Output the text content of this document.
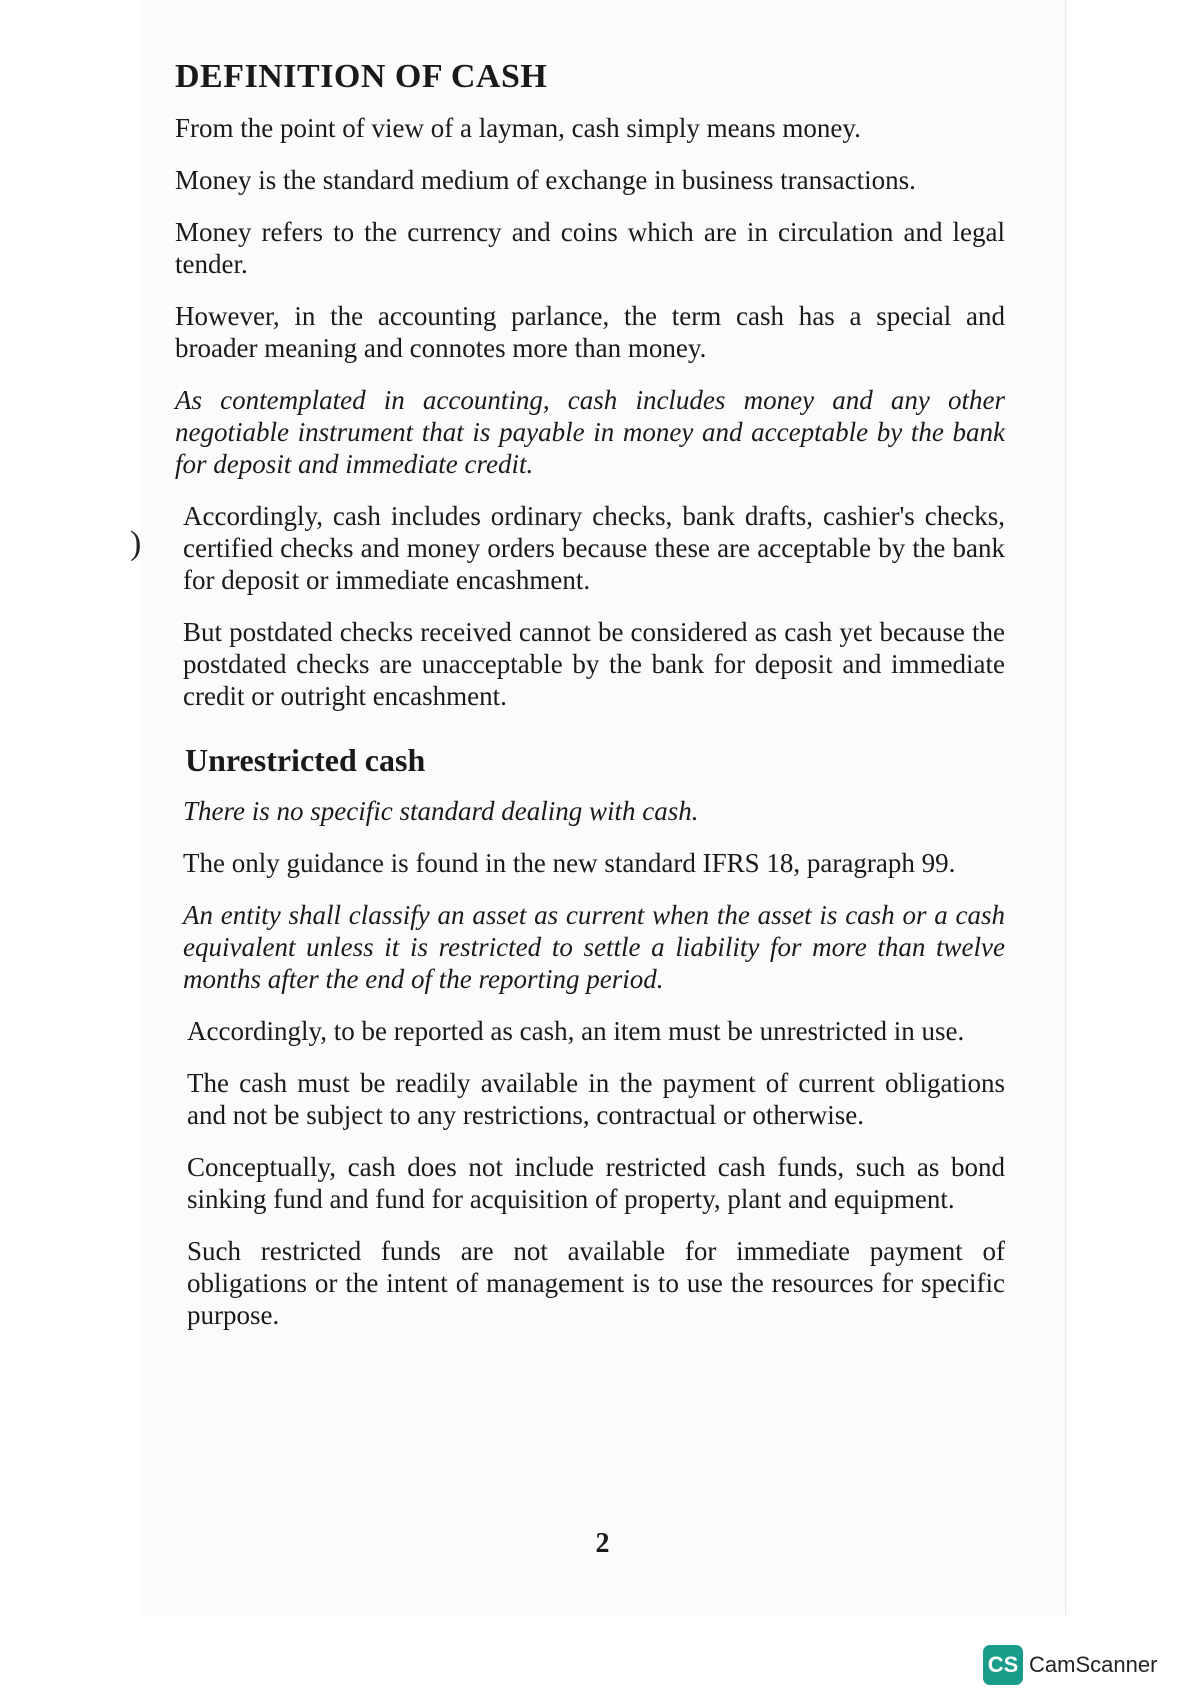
DEFINITION OF CASH

From the point of view of a layman, cash simply means money.

Money is the standard medium of exchange in business transactions.

Money refers to the currency and coins which are in circulation and legal tender.

However, in the accounting parlance, the term cash has a special and broader meaning and connotes more than money.

As contemplated in accounting, cash includes money and any other negotiable instrument that is payable in money and acceptable by the bank for deposit and immediate credit.

Accordingly, cash includes ordinary checks, bank drafts, cashier's checks, certified checks and money orders because these are acceptable by the bank for deposit or immediate encashment.

But postdated checks received cannot be considered as cash yet because the postdated checks are unacceptable by the bank for deposit and immediate credit or outright encashment.

Unrestricted cash

There is no specific standard dealing with cash.

The only guidance is found in the new standard IFRS 18, paragraph 99.

An entity shall classify an asset as current when the asset is cash or a cash equivalent unless it is restricted to settle a liability for more than twelve months after the end of the reporting period.

Accordingly, to be reported as cash, an item must be unrestricted in use.

The cash must be readily available in the payment of current obligations and not be subject to any restrictions, contractual or otherwise.

Conceptually, cash does not include restricted cash funds, such as bond sinking fund and fund for acquisition of property, plant and equipment.

Such restricted funds are not available for immediate payment of obligations or the intent of management is to use the resources for specific purpose.

2
)
CS CamScanner
